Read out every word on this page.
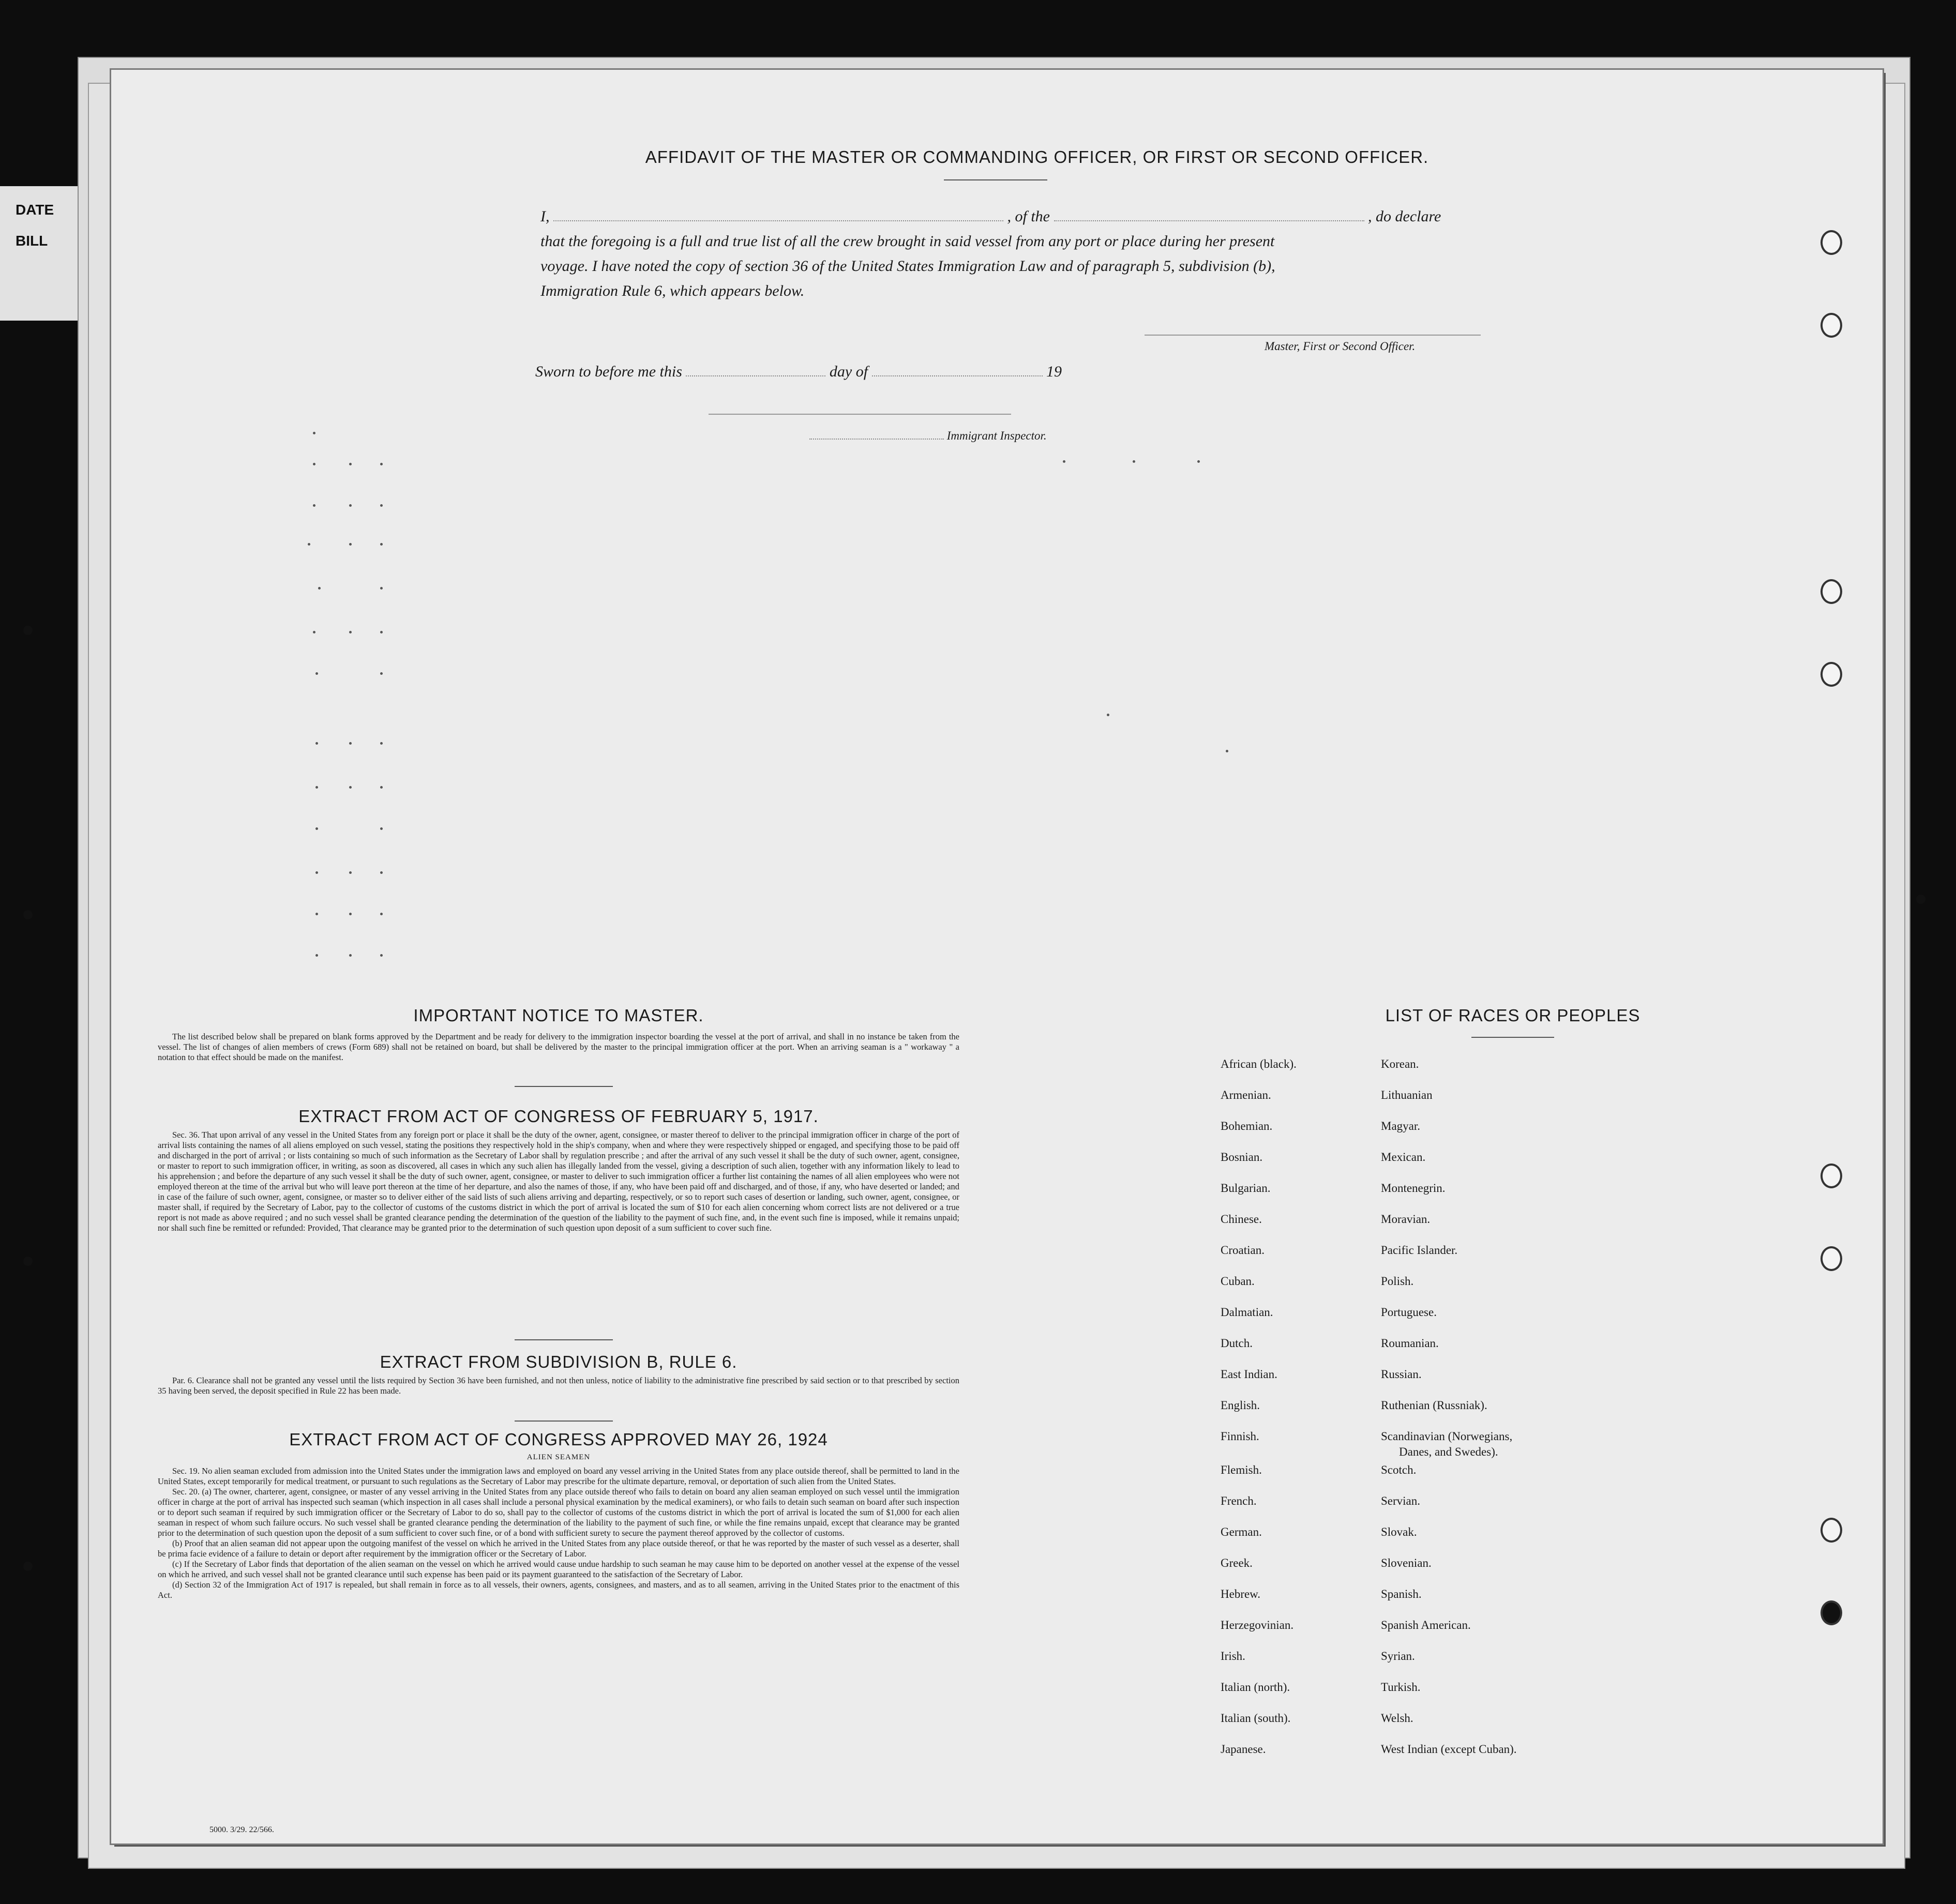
DATE
BILL
AFFIDAVIT OF THE MASTER OR COMMANDING OFFICER, OR FIRST OR SECOND OFFICER.
I,	, of the	, do declare
that the foregoing is a full and true list of all the crew brought in said vessel from any port or place during her present
voyage. I have noted the copy of section 36 of the United States Immigration Law and of paragraph 5, subdivision (b),
Immigration Rule 6, which appears below.
Master, First or Second Officer.
Sworn to before me this	day of	19
Immigrant Inspector.
IMPORTANT NOTICE TO MASTER.

The list described below shall be prepared on blank forms approved by the Department and be ready for delivery to the immigration inspector boarding the vessel at the port of arrival, and shall in no instance be taken from the vessel. The list of changes of alien members of crews (Form 689) shall not be retained on board, but shall be delivered by the master to the principal immigration officer at the port. When an arriving seaman is a " workaway " a notation to that effect should be made on the manifest.

EXTRACT FROM ACT OF CONGRESS OF FEBRUARY 5, 1917.

Sec. 36. That upon arrival of any vessel in the United States from any foreign port or place it shall be the duty of the owner, agent, consignee, or master thereof to deliver to the principal immigration officer in charge of the port of arrival lists containing the names of all aliens employed on such vessel, stating the positions they respectively hold in the ship's company, when and where they were respectively shipped or engaged, and specifying those to be paid off and discharged in the port of arrival ; or lists containing so much of such information as the Secretary of Labor shall by regulation prescribe ; and after the arrival of any such vessel it shall be the duty of such owner, agent, consignee, or master to report to such immigration officer, in writing, as soon as discovered, all cases in which any such alien has illegally landed from the vessel, giving a description of such alien, together with any information likely to lead to his apprehension ; and before the departure of any such vessel it shall be the duty of such owner, agent, consignee, or master to deliver to such immigration officer a further list containing the names of all alien employees who were not employed thereon at the time of the arrival but who will leave port thereon at the time of her departure, and also the names of those, if any, who have been paid off and discharged, and of those, if any, who have deserted or landed; and in case of the failure of such owner, agent, consignee, or master so to deliver either of the said lists of such aliens arriving and departing, respectively, or so to report such cases of desertion or landing, such owner, agent, consignee, or master shall, if required by the Secretary of Labor, pay to the collector of customs of the customs district in which the port of arrival is located the sum of $10 for each alien concerning whom correct lists are not delivered or a true report is not made as above required ; and no such vessel shall be granted clearance pending the determination of the question of the liability to the payment of such fine, and, in the event such fine is imposed, while it remains unpaid; nor shall such fine be remitted or refunded: Provided, That clearance may be granted prior to the determination of such question upon deposit of a sum sufficient to cover such fine.

EXTRACT FROM SUBDIVISION B, RULE 6.

Par. 6. Clearance shall not be granted any vessel until the lists required by Section 36 have been furnished, and not then unless, notice of liability to the administrative fine prescribed by said section or to that prescribed by section 35 having been served, the deposit specified in Rule 22 has been made.

EXTRACT FROM ACT OF CONGRESS APPROVED MAY 26, 1924
ALIEN SEAMEN

Sec. 19. No alien seaman excluded from admission into the United States under the immigration laws and employed on board any vessel arriving in the United States from any place outside thereof, shall be permitted to land in the United States, except temporarily for medical treatment, or pursuant to such regulations as the Secretary of Labor may prescribe for the ultimate departure, removal, or deportation of such alien from the United States.

Sec. 20. (a) The owner, charterer, agent, consignee, or master of any vessel arriving in the United States from any place outside thereof who fails to detain on board any alien seaman employed on such vessel until the immigration officer in charge at the port of arrival has inspected such seaman (which inspection in all cases shall include a personal physical examination by the medical examiners), or who fails to detain such seaman on board after such inspection or to deport such seaman if required by such immigration officer or the Secretary of Labor to do so, shall pay to the collector of customs of the customs district in which the port of arrival is located the sum of $1,000 for each alien seaman in respect of whom such failure occurs. No such vessel shall be granted clearance pending the determination of the liability to the payment of such fine, or while the fine remains unpaid, except that clearance may be granted prior to the determination of such question upon the deposit of a sum sufficient to cover such fine, or of a bond with sufficient surety to secure the payment thereof approved by the collector of customs.

(b) Proof that an alien seaman did not appear upon the outgoing manifest of the vessel on which he arrived in the United States from any place outside thereof, or that he was reported by the master of such vessel as a deserter, shall be prima facie evidence of a failure to detain or deport after requirement by the immigration officer or the Secretary of Labor.

(c) If the Secretary of Labor finds that deportation of the alien seaman on the vessel on which he arrived would cause undue hardship to such seaman he may cause him to be deported on another vessel at the expense of the vessel on which he arrived, and such vessel shall not be granted clearance until such expense has been paid or its payment guaranteed to the satisfaction of the Secretary of Labor.

(d) Section 32 of the Immigration Act of 1917 is repealed, but shall remain in force as to all vessels, their owners, agents, consignees, and masters, and as to all seamen, arriving in the United States prior to the enactment of this Act.

LIST OF RACES OR PEOPLES
African (black).
Armenian.
Bohemian.
Bosnian.
Bulgarian.
Chinese.
Croatian.
Cuban.
Dalmatian.
Dutch.
East Indian.
English.
Finnish.
Flemish.
French.
German.
Greek.
Hebrew.
Herzegovinian.
Irish.
Italian (north).
Italian (south).
Japanese.
Korean.
Lithuanian
Magyar.
Mexican.
Montenegrin.
Moravian.
Pacific Islander.
Polish.
Portuguese.
Roumanian.
Russian.
Ruthenian (Russniak).
Scandinavian (Norwegians,
Danes, and Swedes).
Scotch.
Servian.
Slovak.
Slovenian.
Spanish.
Spanish American.
Syrian.
Turkish.
Welsh.
West Indian (except Cuban).
5000. 3/29. 22/566.
